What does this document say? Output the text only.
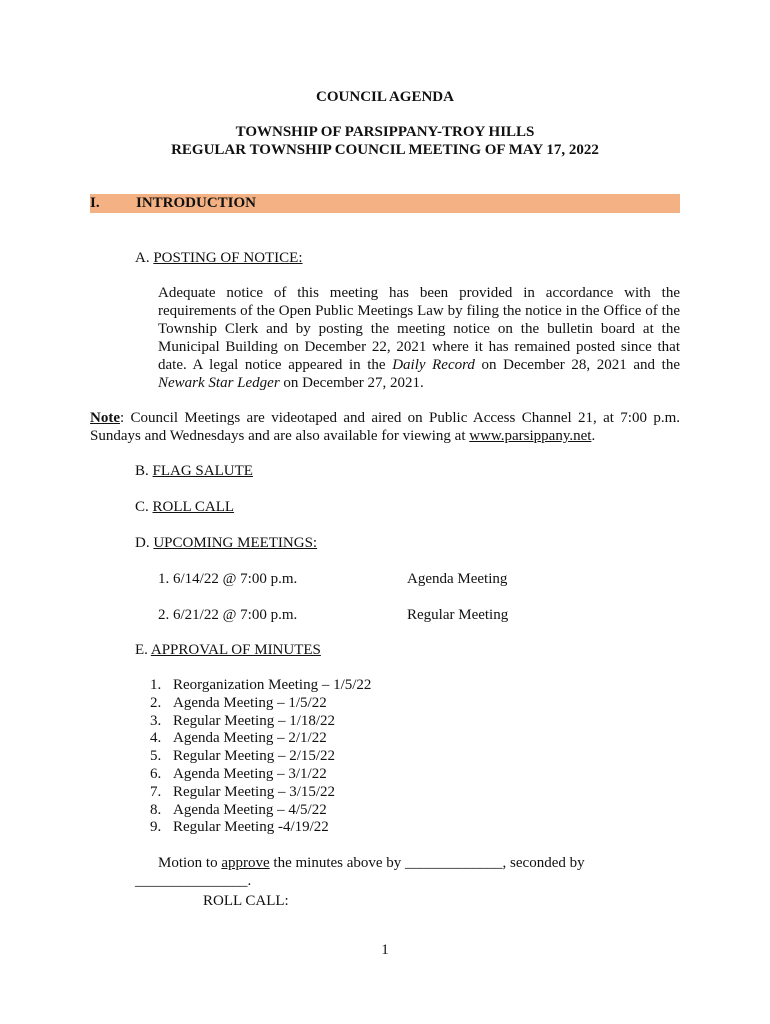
COUNCIL AGENDA
TOWNSHIP OF PARSIPPANY-TROY HILLS
REGULAR TOWNSHIP COUNCIL MEETING OF MAY 17, 2022
I. INTRODUCTION
A. POSTING OF NOTICE:
Adequate notice of this meeting has been provided in accordance with the requirements of the Open Public Meetings Law by filing the notice in the Office of the Township Clerk and by posting the meeting notice on the bulletin board at the Municipal Building on December 22, 2021 where it has remained posted since that date. A legal notice appeared in the Daily Record on December 28, 2021 and the Newark Star Ledger on December 27, 2021.
Note: Council Meetings are videotaped and aired on Public Access Channel 21, at 7:00 p.m. Sundays and Wednesdays and are also available for viewing at www.parsippany.net.
B. FLAG SALUTE
C. ROLL CALL
D. UPCOMING MEETINGS:
1. 6/14/22 @ 7:00 p.m.	Agenda Meeting
2. 6/21/22 @ 7:00 p.m.	Regular Meeting
E. APPROVAL OF MINUTES
1. Reorganization Meeting – 1/5/22
2. Agenda Meeting – 1/5/22
3. Regular Meeting – 1/18/22
4. Agenda Meeting – 2/1/22
5. Regular Meeting – 2/15/22
6. Agenda Meeting – 3/1/22
7. Regular Meeting – 3/15/22
8. Agenda Meeting – 4/5/22
9. Regular Meeting -4/19/22
Motion to approve the minutes above by _____________, seconded by
_______________.
ROLL CALL:
1
